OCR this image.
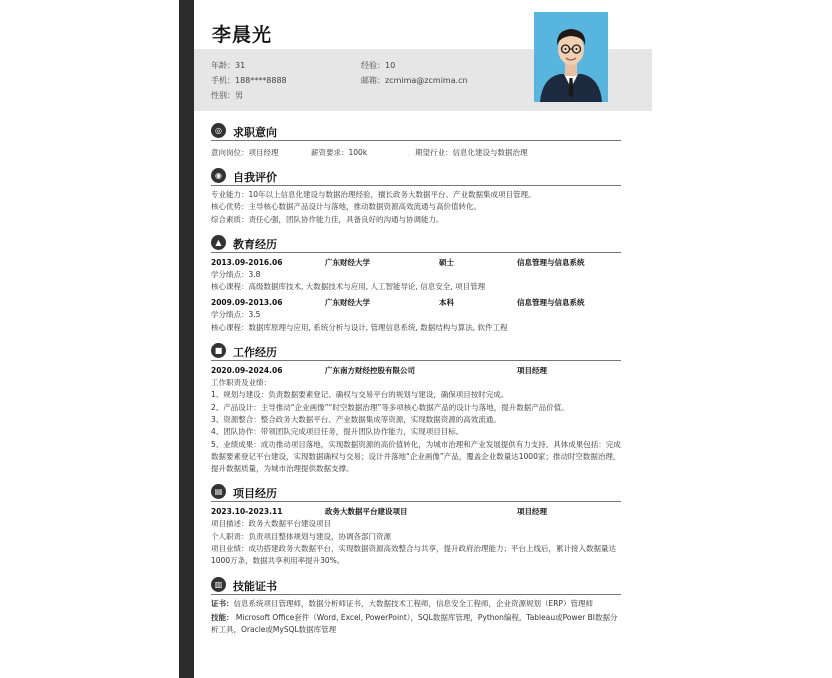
李晨光
年龄：31	经验：10
手机：188****8888	邮箱：zcmima@zcmima.cn
性别：男
◎	求职意向
意向岗位：项目经理	薪资要求：100k	期望行业：信息化建设与数据治理
◉	自我评价
专业能力：10年以上信息化建设与数据治理经验，擅长政务大数据平台、产业数据集成项目管理。
核心优势：主导核心数据产品设计与落地，推动数据资源高效流通与高价值转化。
综合素质：责任心强，团队协作能力佳，具备良好的沟通与协调能力。
▲	教育经历
2013.09-2016.06	广东财经大学	硕士	信息管理与信息系统
学分绩点：3.8
核心课程：高级数据库技术, 大数据技术与应用, 人工智能导论, 信息安全, 项目管理
2009.09-2013.06	广东财经大学	本科	信息管理与信息系统
学分绩点：3.5
核心课程：数据库原理与应用, 系统分析与设计, 管理信息系统, 数据结构与算法, 软件工程
■ 工作经历
2020.09-2024.06	广东南方财经控股有限公司	项目经理
工作职责及业绩：
1、规划与建设：负责数据要素登记、确权与交易平台的规划与建设，确保项目按时完成。
2、产品设计：主导推动“企业画像”“时空数据治理”等多项核心数据产品的设计与落地，提升数据产品价值。
3、资源整合：整合政务大数据平台、产业数据集成等资源，实现数据资源的高效流通。
4、团队协作：带领团队完成项目任务，提升团队协作能力，实现项目目标。
5、业绩成果：成功推动项目落地，实现数据资源的高价值转化，为城市治理和产业发展提供有力支持。具体成果包括：完成数据要素登记平台建设，实现数据确权与交易；设计并落地“企业画像”产品，覆盖企业数量达1000家；推动时空数据治理，提升数据质量，为城市治理提供数据支撑。
▤ 项目经历
2023.10-2023.11	政务大数据平台建设项目	项目经理
项目描述：政务大数据平台建设项目
个人职责：负责项目整体规划与建设，协调各部门资源
项目业绩：成功搭建政务大数据平台，实现数据资源高效整合与共享，提升政府治理能力；平台上线后，累计接入数据量达1000万条，数据共享利用率提升30%。
▥ 技能证书
证书：信息系统项目管理师，数据分析师证书，大数据技术工程师，信息安全工程师，企业资源规划（ERP）管理师
技能： Microsoft Office套件（Word, Excel, PowerPoint），SQL数据库管理，Python编程，Tableau或Power BI数据分析工具，Oracle或MySQL数据库管理
